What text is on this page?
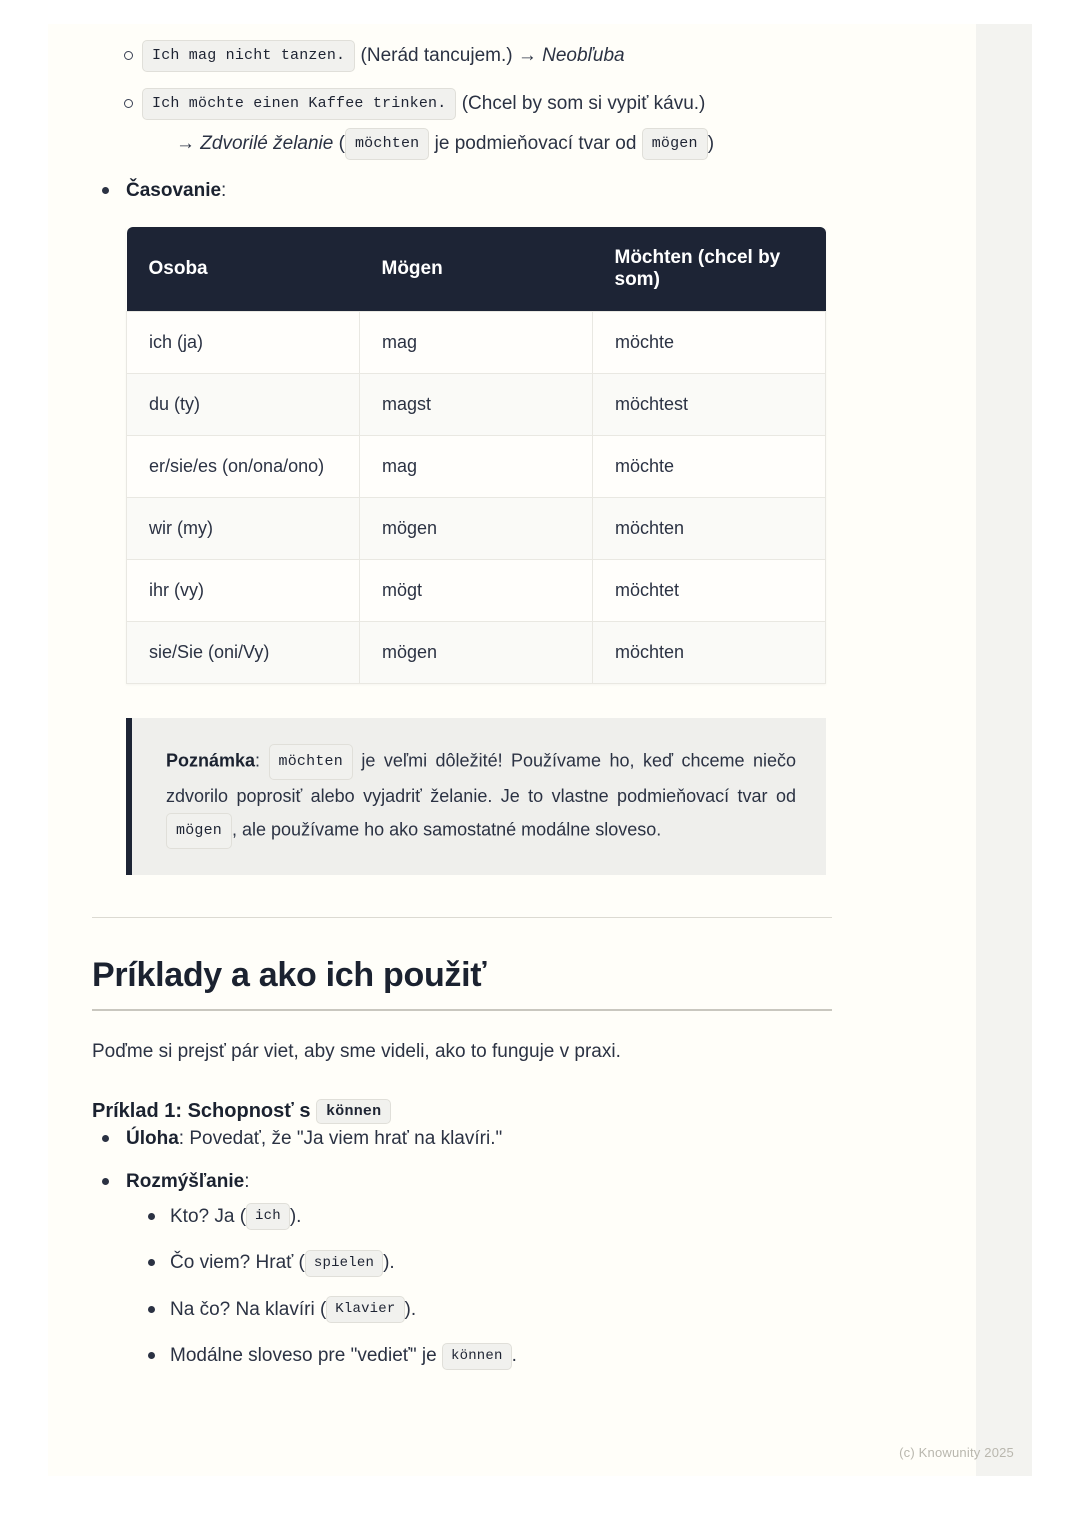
Ich mag nicht tanzen. (Nerád tancujem.) → Neobľuba
Ich möchte einen Kaffee trinken. (Chcel by som si vypiť kávu.)
→ Zdvorilé želanie ( möchten je podmieňovací tvar od mögen )
Časovanie:
Osoba	Mögen	Möchten (chcel by som)
ich (ja)	mag	möchte
du (ty)	magst	möchtest
er/sie/es (on/ona/ono)	mag	möchte
wir (my)	mögen	möchten
ihr (vy)	mögt	möchtet
sie/Sie (oni/Vy)	mögen	möchten
Poznámka: möchten je veľmi dôležité! Používame ho, keď chceme niečo zdvorilo poprosiť alebo vyjadriť želanie. Je to vlastne podmieňovací tvar od mögen , ale používame ho ako samostatné modálne sloveso.
Príklady a ako ich použiť

Poďme si prejsť pár viet, aby sme videli, ako to funguje v praxi.

Príklad 1: Schopnosť s können
Úloha: Povedať, že "Ja viem hrať na klavíri."
Rozmýšľanie:
Kto? Ja ( ich ).
Čo viem? Hrať ( spielen ).
Na čo? Na klavíri ( Klavier ).
Modálne sloveso pre "vedieť" je können .
(c) Knowunity 2025
